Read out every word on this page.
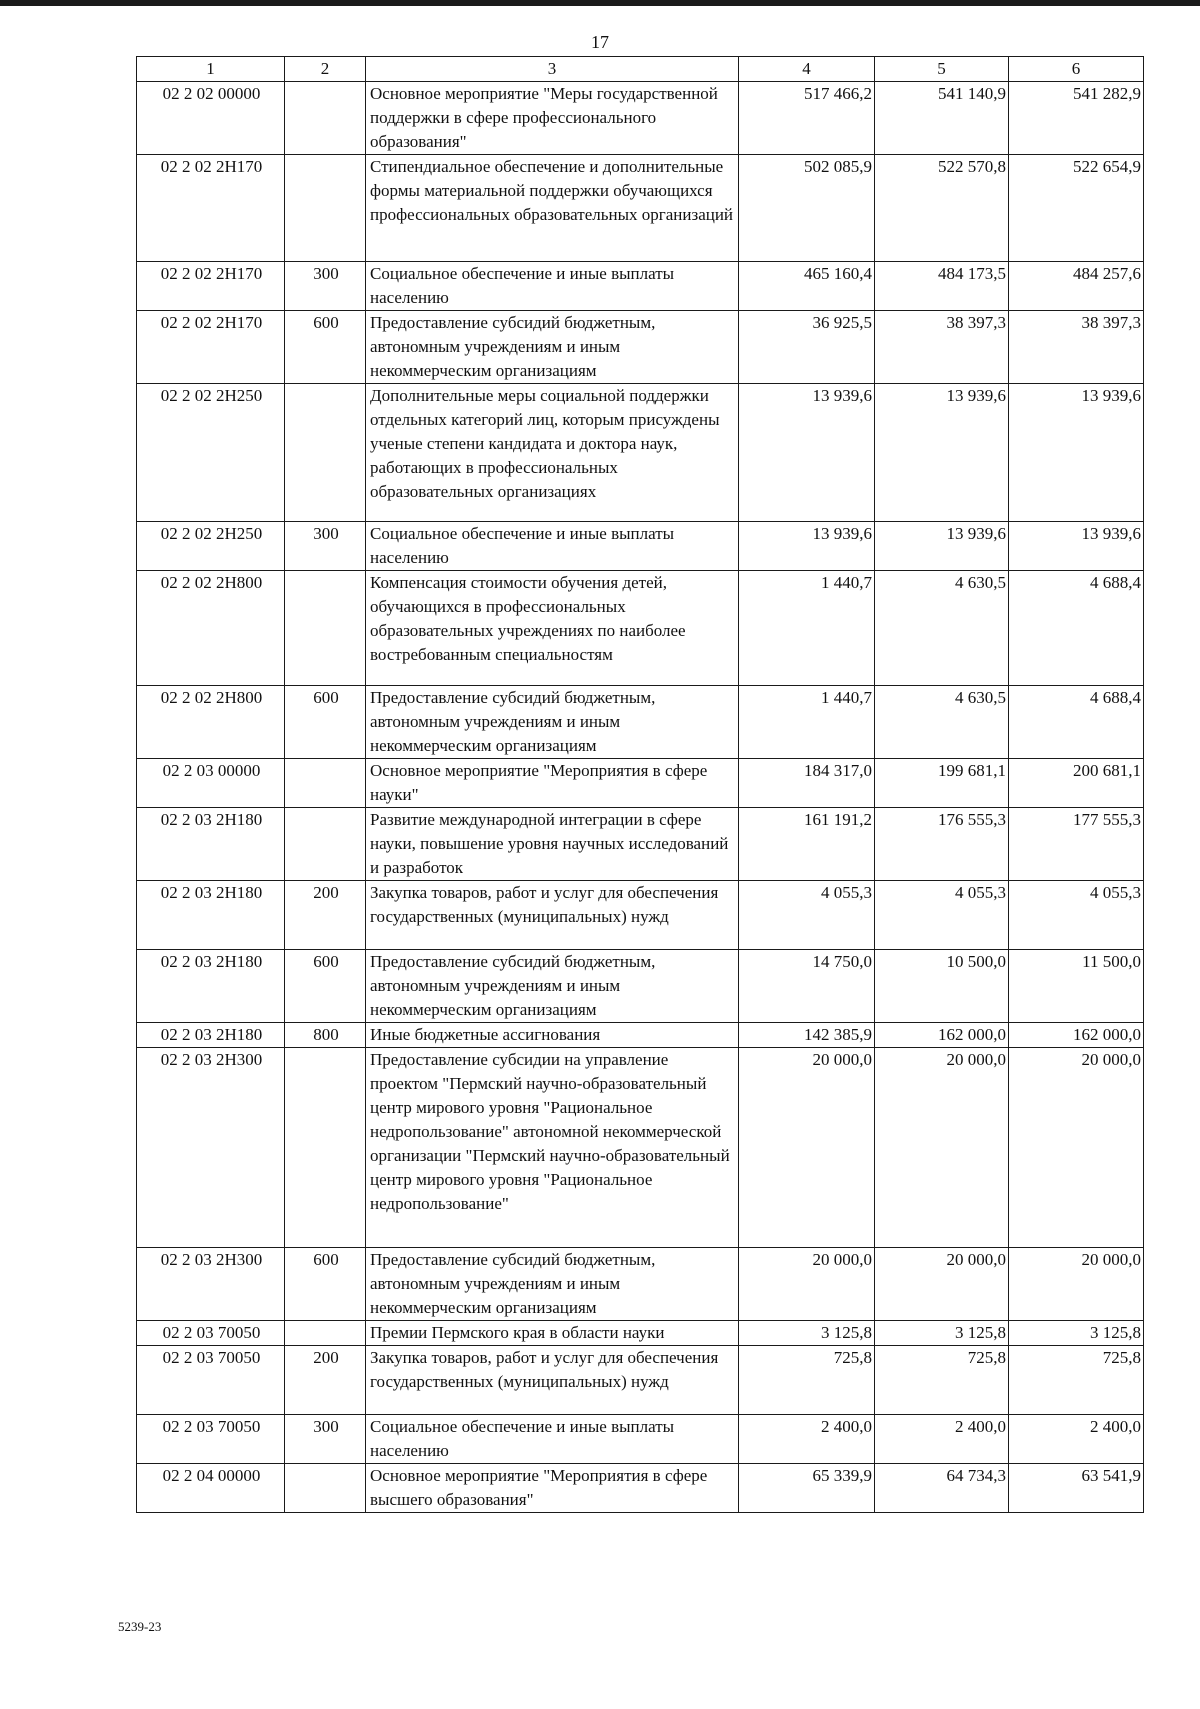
17
1	2	3	4	5	6
02 2 02 00000		Основное мероприятие "Меры государственной поддержки в сфере профессионального образования"	517 466,2	541 140,9	541 282,9
02 2 02 2Н170		Стипендиальное обеспечение и дополнительные формы материальной поддержки обучающихся профессиональных образовательных организаций	502 085,9	522 570,8	522 654,9
02 2 02 2Н170	300	Социальное обеспечение и иные выплаты населению	465 160,4	484 173,5	484 257,6
02 2 02 2Н170	600	Предоставление субсидий бюджетным, автономным учреждениям и иным некоммерческим организациям	36 925,5	38 397,3	38 397,3
02 2 02 2Н250		Дополнительные меры социальной поддержки отдельных категорий лиц, которым присуждены ученые степени кандидата и доктора наук, работающих в профессиональных образовательных организациях	13 939,6	13 939,6	13 939,6
02 2 02 2Н250	300	Социальное обеспечение и иные выплаты населению	13 939,6	13 939,6	13 939,6
02 2 02 2Н800		Компенсация стоимости обучения детей, обучающихся в профессиональных образовательных учреждениях по наиболее востребованным специальностям	1 440,7	4 630,5	4 688,4
02 2 02 2Н800	600	Предоставление субсидий бюджетным, автономным учреждениям и иным некоммерческим организациям	1 440,7	4 630,5	4 688,4
02 2 03 00000		Основное мероприятие "Мероприятия в сфере науки"	184 317,0	199 681,1	200 681,1
02 2 03 2Н180		Развитие международной интеграции в сфере науки, повышение уровня научных исследований и разработок	161 191,2	176 555,3	177 555,3
02 2 03 2Н180	200	Закупка товаров, работ и услуг для обеспечения государственных (муниципальных) нужд	4 055,3	4 055,3	4 055,3
02 2 03 2Н180	600	Предоставление субсидий бюджетным, автономным учреждениям и иным некоммерческим организациям	14 750,0	10 500,0	11 500,0
02 2 03 2Н180	800	Иные бюджетные ассигнования	142 385,9	162 000,0	162 000,0
02 2 03 2Н300		Предоставление субсидии на управление проектом "Пермский научно-образовательный центр мирового уровня "Рациональное недропользование" автономной некоммерческой организации "Пермский научно-образовательный центр мирового уровня "Рациональное недропользование"	20 000,0	20 000,0	20 000,0
02 2 03 2Н300	600	Предоставление субсидий бюджетным, автономным учреждениям и иным некоммерческим организациям	20 000,0	20 000,0	20 000,0
02 2 03 70050		Премии Пермского края в области науки	3 125,8	3 125,8	3 125,8
02 2 03 70050	200	Закупка товаров, работ и услуг для обеспечения государственных (муниципальных) нужд	725,8	725,8	725,8
02 2 03 70050	300	Социальное обеспечение и иные выплаты населению	2 400,0	2 400,0	2 400,0
02 2 04 00000		Основное мероприятие "Мероприятия в сфере высшего образования"	65 339,9	64 734,3	63 541,9
5239-23
